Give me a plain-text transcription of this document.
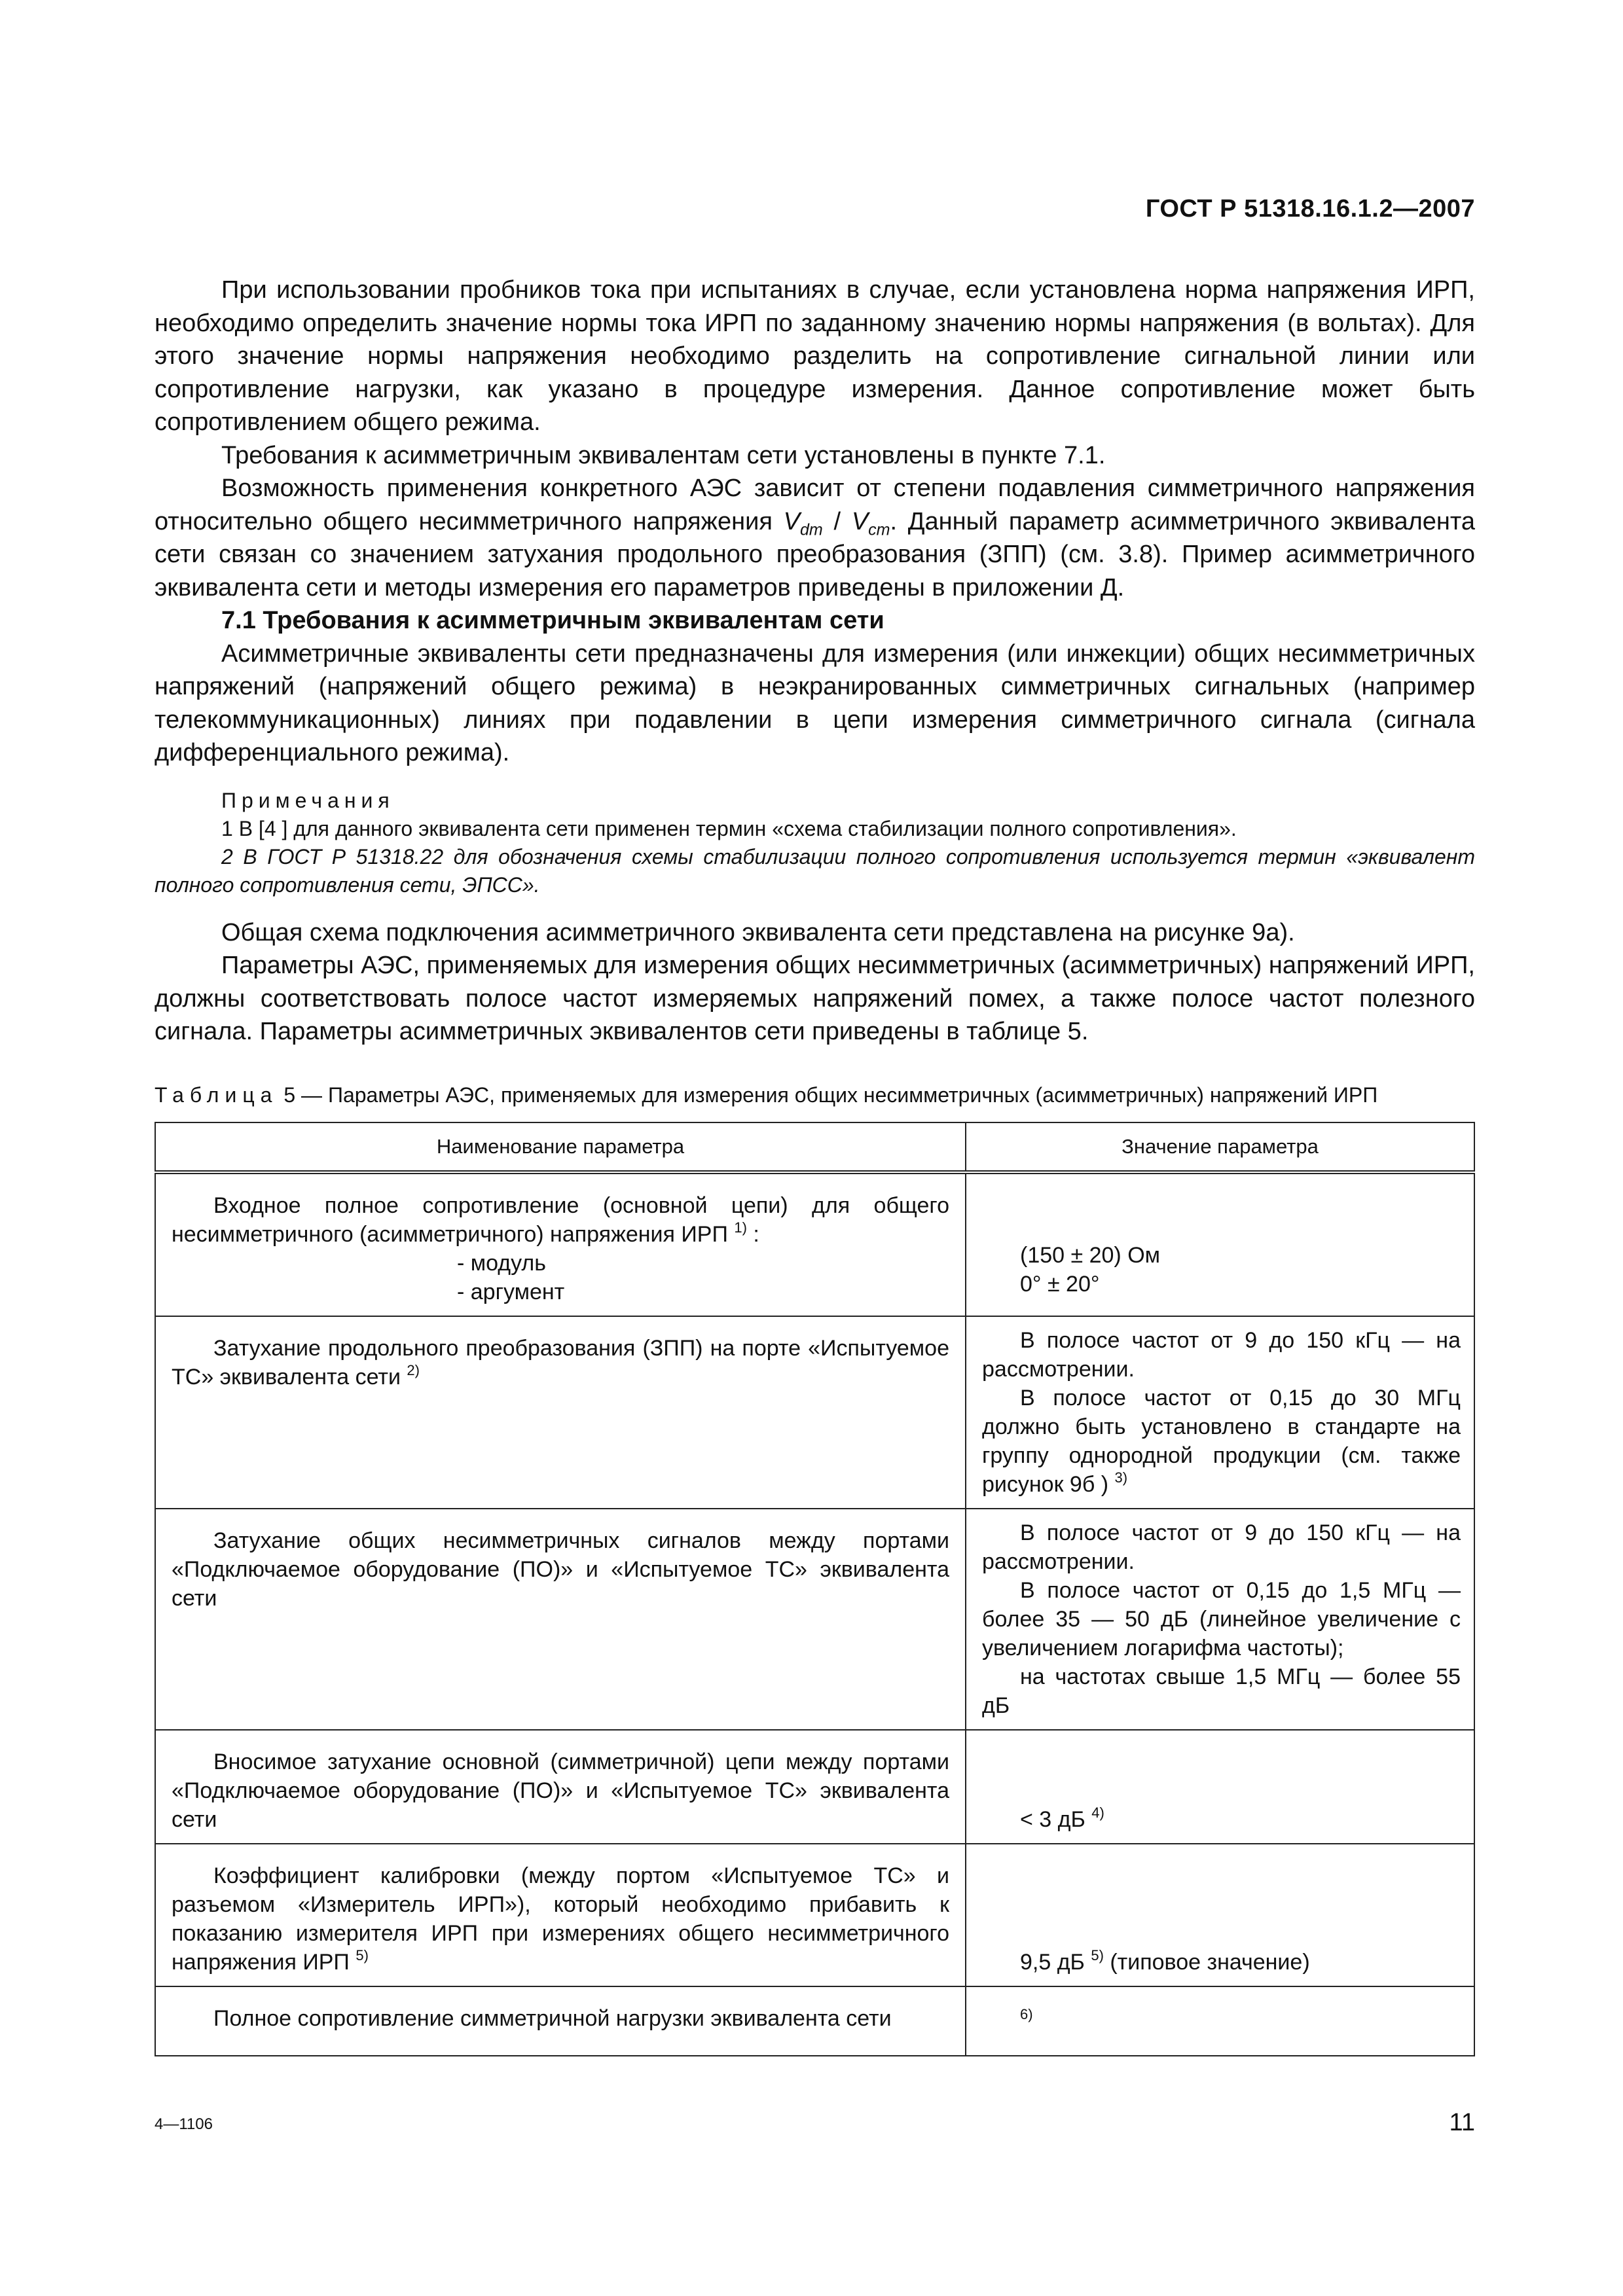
ГОСТ Р 51318.16.1.2—2007

При использовании пробников тока при испытаниях в случае, если установлена норма напряжения ИРП, необходимо определить значение нормы тока ИРП по заданному значению нормы напряжения (в вольтах). Для этого значение нормы напряжения необходимо разделить на сопротивление сигнальной линии или сопротивление нагрузки, как указано в процедуре измерения. Данное сопротивление может быть сопротивлением общего режима.

Требования к асимметричным эквивалентам сети установлены в пункте 7.1.

Возможность применения конкретного АЭС зависит от степени подавления симметричного напряжения относительно общего несимметричного напряжения $V_{dm} / V_{cm}$. Данный параметр асимметричного эквивалента сети связан со значением затухания продольного преобразования (ЗПП) (см. 3.8). Пример асимметричного эквивалента сети и методы измерения его параметров приведены в приложении Д.

7.1 Требования к асимметричным эквивалентам сети

Асимметричные эквиваленты сети предназначены для измерения (или инжекции) общих несимметричных напряжений (напряжений общего режима) в неэкранированных симметричных сигнальных (например телекоммуникационных) линиях при подавлении в цепи измерения симметричного сигнала (сигнала дифференциального режима).

Примечания

1 В [4 ] для данного эквивалента сети применен термин «схема стабилизации полного сопротивления».

2 В ГОСТ Р 51318.22 для обозначения схемы стабилизации полного сопротивления используется термин «эквивалент полного сопротивления сети, ЭПСС».

Общая схема подключения асимметричного эквивалента сети представлена на рисунке 9а).

Параметры АЭС, применяемых для измерения общих несимметричных (асимметричных) напряжений ИРП, должны соответствовать полосе частот измеряемых напряжений помех, а также полосе частот полезного сигнала. Параметры асимметричных эквивалентов сети приведены в таблице 5.

Таблица 5 — Параметры АЭС, применяемых для измерения общих несимметричных (асимметричных) напряжений ИРП
Наименование параметра	Значение параметра

Входное полное сопротивление (основной цепи) для общего несимметричного (асимметричного) напряжения ИРП $^{1)}$ :
- модуль
- аргумент	(150 ± 20) Ом
0° ± 20°

Затухание продольного преобразования (ЗПП) на порте «Испытуемое ТС» эквивалента сети $^{2)}$	В полосе частот от 9 до 150 кГц — на рассмотрении.
В полосе частот от 0,15 до 30 МГц должно быть установлено в стандарте на группу однородной продукции (см. также рисунок 9б ) $^{3)}$

Затухание общих несимметричных сигналов между портами «Подключаемое оборудование (ПО)» и «Испытуемое ТС» эквивалента сети	В полосе частот от 9 до 150 кГц — на рассмотрении.
В полосе частот от 0,15 до 1,5 МГц — более 35 — 50 дБ (линейное увеличение с увеличением логарифма частоты);
на частотах свыше 1,5 МГц — более 55 дБ

Вносимое затухание основной (симметричной) цепи между портами «Подключаемое оборудование (ПО)» и «Испытуемое ТС» эквивалента сети	< 3 дБ $^{4)}$

Коэффициент калибровки (между портом «Испытуемое ТС» и разъемом «Измеритель ИРП»), который необходимо прибавить к показанию измерителя ИРП при измерениях общего несимметричного напряжения ИРП $^{5)}$	9,5 дБ $^{5)}$ (типовое значение)

Полное сопротивление симметричной нагрузки эквивалента сети	$^{6)}$
4—1106	11
